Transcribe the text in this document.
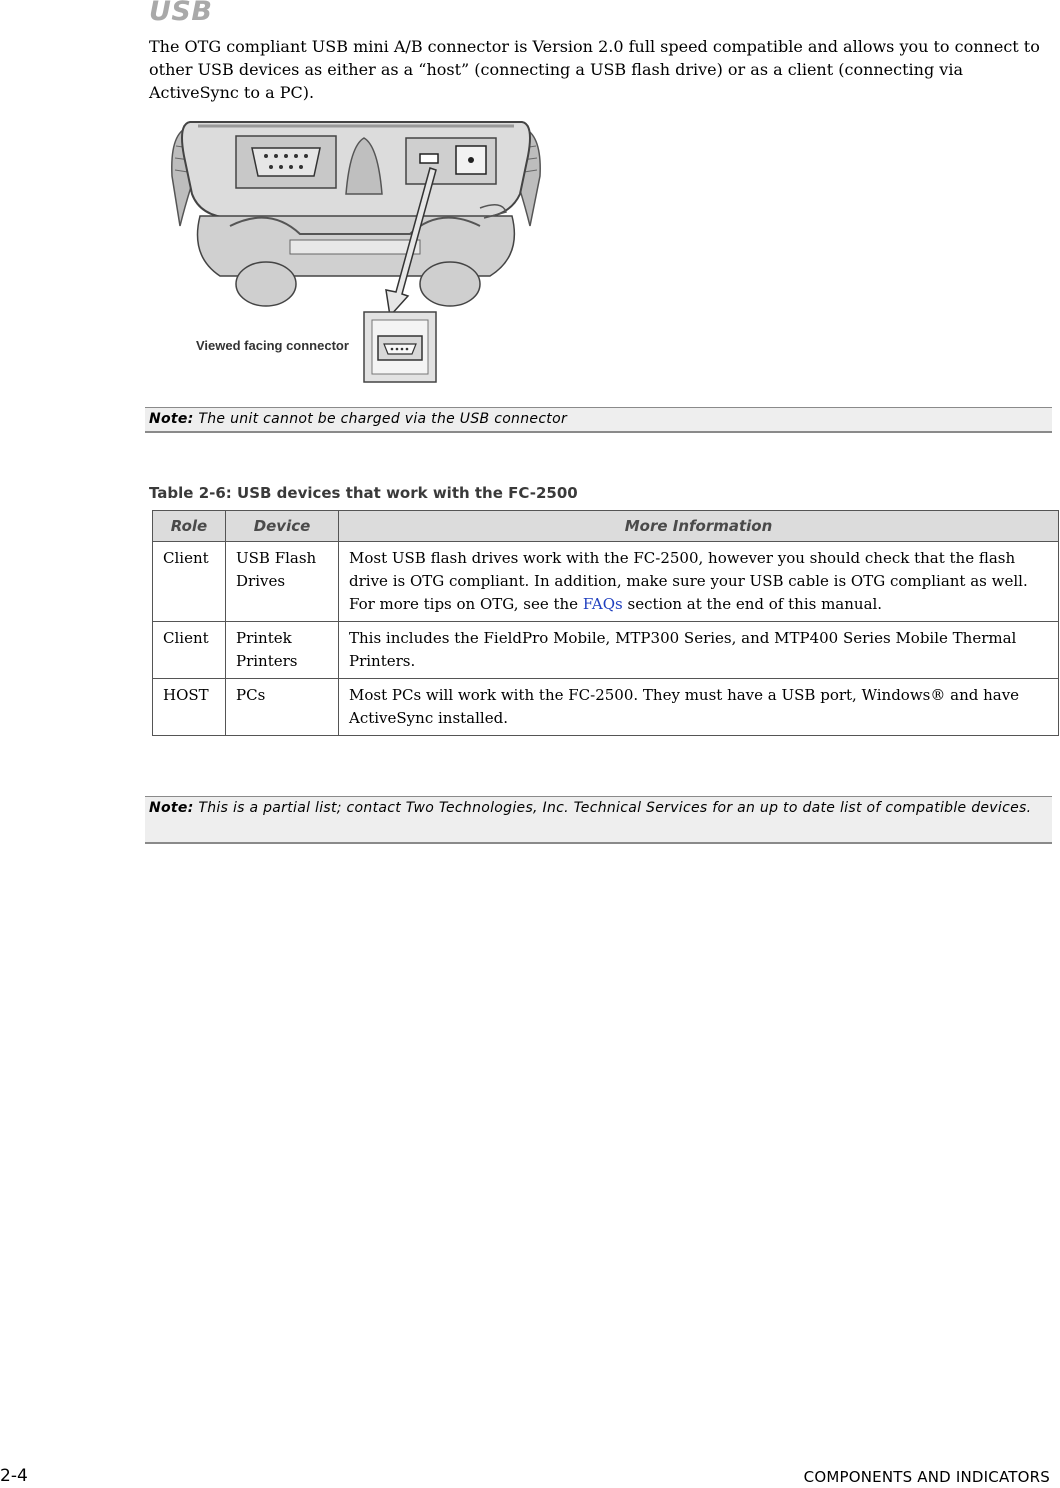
USB

The OTG compliant USB mini A/B connector is Version 2.0 full speed compatible and allows you to connect to other USB devices as either as a “host” (connecting a USB flash drive) or as a client (connecting via ActiveSync to a PC).

Viewed facing connector
Note: The unit cannot be charged via the USB connector

Table 2-6: USB devices that work with the FC-2500

Role	Device	More Information
Client	USB Flash Drives	Most USB flash drives work with the FC-2500, however you should check that the flash drive is OTG compliant. In addition, make sure your USB cable is OTG compliant as well. For more tips on OTG, see the FAQs section at the end of this manual.
Client	Printek Printers	This includes the FieldPro Mobile, MTP300 Series, and MTP400 Series Mobile Thermal Printers.
HOST	PCs	Most PCs will work with the FC-2500. They must have a USB port, Windows® and have ActiveSync installed.
Note: This is a partial list; contact Two Technologies, Inc. Technical Services for an up to date list of compatible devices.
2-4	COMPONENTS AND INDICATORS
